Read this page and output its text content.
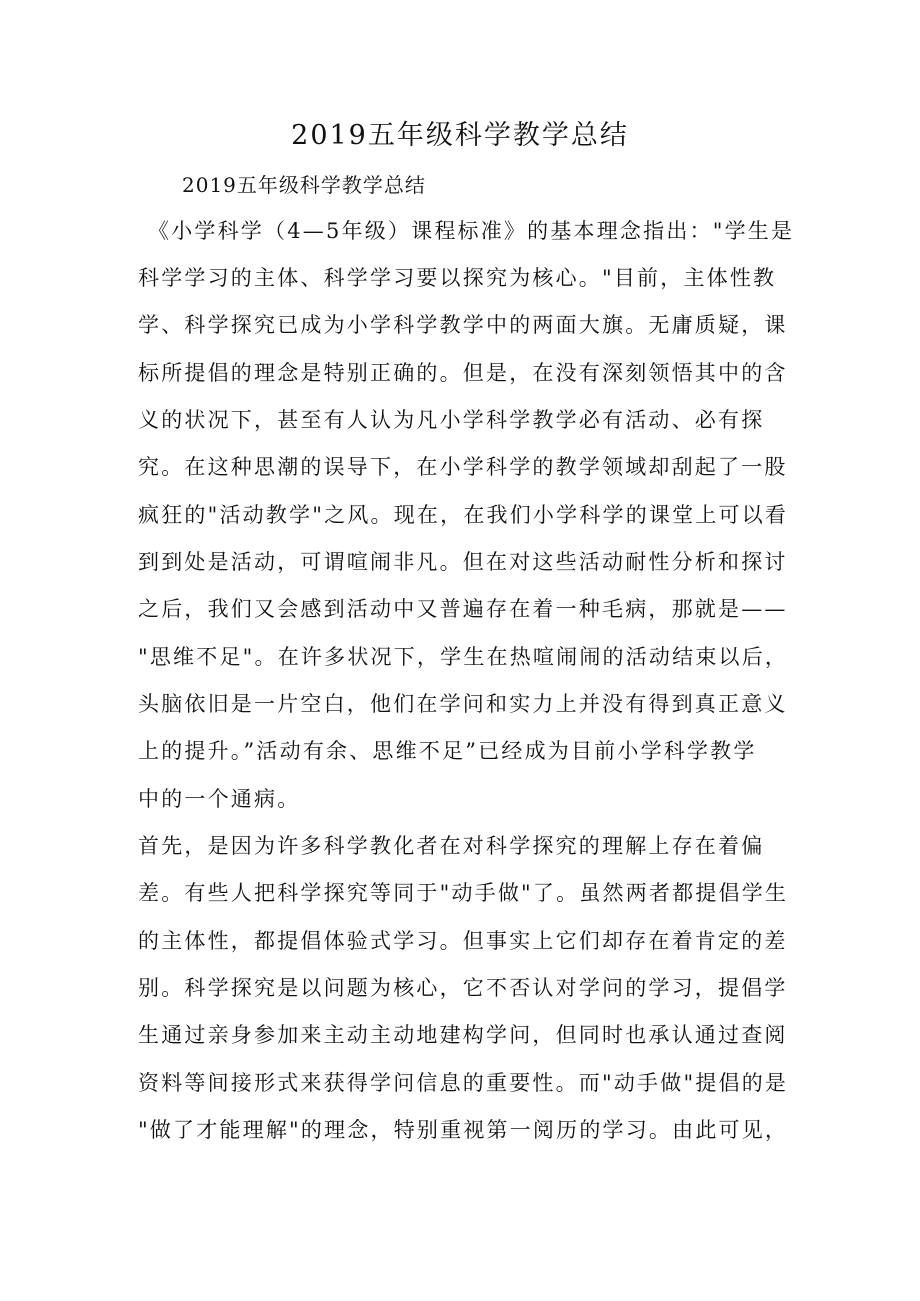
2019五年级科学教学总结
2019五年级科学教学总结
《小学科学（4—5年级）课程标准》的基本理念指出："学生是
科学学习的主体、科学学习要以探究为核心。"目前，主体性教
学、科学探究已成为小学科学教学中的两面大旗。无庸质疑，课
标所提倡的理念是特别正确的。但是，在没有深刻领悟其中的含
义的状况下，甚至有人认为凡小学科学教学必有活动、必有探
究。在这种思潮的误导下，在小学科学的教学领域却刮起了一股
疯狂的"活动教学"之风。现在，在我们小学科学的课堂上可以看
到到处是活动，可谓喧闹非凡。但在对这些活动耐性分析和探讨
之后，我们又会感到活动中又普遍存在着一种毛病，那就是——
"思维不足"。在许多状况下，学生在热喧闹闹的活动结束以后，
头脑依旧是一片空白，他们在学问和实力上并没有得到真正意义
上的提升。”活动有余、思维不足”已经成为目前小学科学教学
中的一个通病。
首先，是因为许多科学教化者在对科学探究的理解上存在着偏
差。有些人把科学探究等同于"动手做"了。虽然两者都提倡学生
的主体性，都提倡体验式学习。但事实上它们却存在着肯定的差
别。科学探究是以问题为核心，它不否认对学问的学习，提倡学
生通过亲身参加来主动主动地建构学问，但同时也承认通过查阅
资料等间接形式来获得学问信息的重要性。而"动手做"提倡的是
"做了才能理解"的理念，特别重视第一阅历的学习。由此可见，
